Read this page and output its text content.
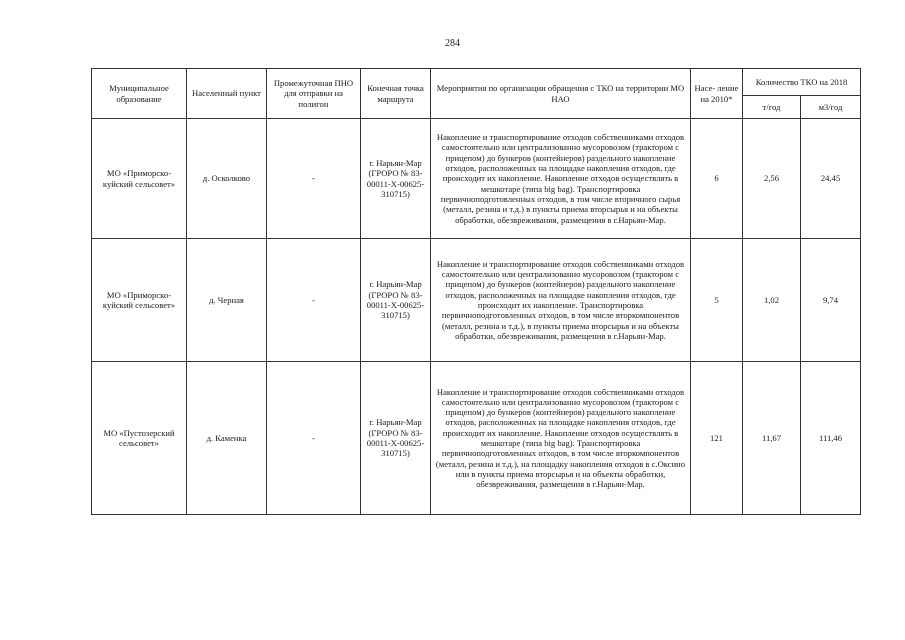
284
Муниципальное образование	Населенный пункт	Промежуточная ПНО для отправки на полигон	Конечная точка маршрута	Мероприятия по организации обращения с ТКО на территории МО НАО	Насе- ление на 2010*	Количество ТКО на 2018	
						т/год	м3/год
МО «Приморско-куйский сельсовет»	д. Осколково	-	г. Нарьян-Мар (ГРОРО № 83-00011-Х-00625-310715)	Накопление и транспортирование отходов собственниками отходов самостоятельно или централизованно мусоровозом (трактором с прицепом) до бункеров (контейнеров) раздельного накопление отходов, расположенных на площадке накопления отходов, где происходит их накопление. Накопление отходов осуществлять в мешкотаре (типа big bag). Транспортировка первичноподготовленных отходов, в том числе вторичного сырья (металл, резина и т.д.) в пункты приема вторсырья и на объекты обработки, обезвреживания, размещения в г.Нарьян-Мар.	6	2,56	24,45
МО «Приморско-куйский сельсовет»	д. Черная	-	г. Нарьян-Мар (ГРОРО № 83-00011-Х-00625-310715)	Накопление и транспортирование отходов собственниками отходов самостоятельно или централизованно мусоровозом (трактором с прицепом) до бункеров (контейнеров) раздельного накопление отходов, расположенных на площадке накопления отходов, где происходит их накопление. Транспортировка первичноподготовленных отходов, в том числе вторкомпонентов (металл, резина и т.д.), в пункты приема вторсырья и на объекты обработки, обезвреживания, размещения в г.Нарьян-Мар.	5	1,02	9,74
МО «Пустозерский сельсовет»	д. Каменка	-	г. Нарьян-Мар (ГРОРО № 83-00011-Х-00625-310715)	Накопление и транспортирование отходов собственниками отходов самостоятельно или централизованно мусоровозом (трактором с прицепом) до бункеров (контейнеров) раздельного накопление отходов, расположенных на площадке накопления отходов, где происходит их накопление. Накопление отходов осуществлять в мешкотаре (типа big bag). Транспортировка первичноподготовленных отходов, в том числе вторкомпонентов (металл, резина и т.д.), на площадку накопления отходов в с.Оксино или в пункты приема вторсырья и на объекты обработки, обезвреживания, размещения в г.Нарьян-Мар.	121	11,67	111,46
